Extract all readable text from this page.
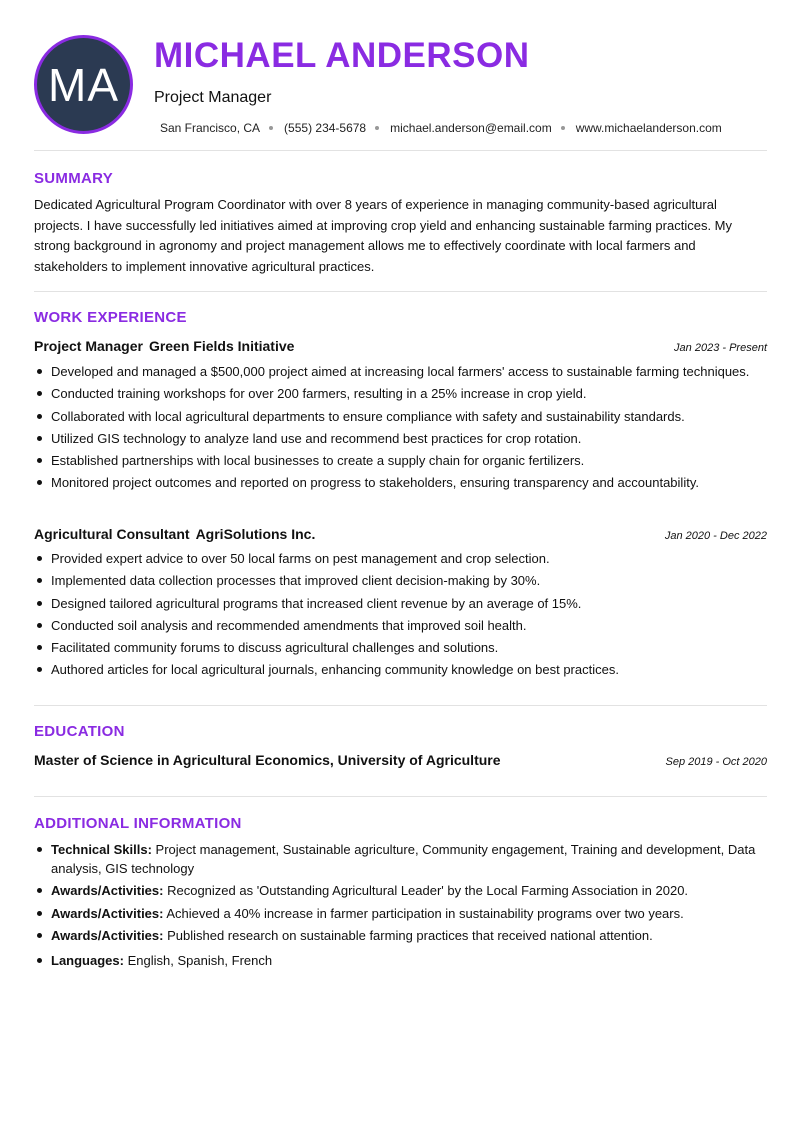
MA
MICHAEL ANDERSON
Project Manager
San Francisco, CA (555) 234-5678 michael.anderson@email.com www.michaelanderson.com
SUMMARY
Dedicated Agricultural Program Coordinator with over 8 years of experience in managing community-based agricultural projects. I have successfully led initiatives aimed at improving crop yield and enhancing sustainable farming practices. My strong background in agronomy and project management allows me to effectively coordinate with local farmers and stakeholders to implement innovative agricultural practices.
WORK EXPERIENCE
Project Manager Green Fields Initiative	Jan 2023 - Present
Developed and managed a $500,000 project aimed at increasing local farmers' access to sustainable farming techniques.
Conducted training workshops for over 200 farmers, resulting in a 25% increase in crop yield.
Collaborated with local agricultural departments to ensure compliance with safety and sustainability standards.
Utilized GIS technology to analyze land use and recommend best practices for crop rotation.
Established partnerships with local businesses to create a supply chain for organic fertilizers.
Monitored project outcomes and reported on progress to stakeholders, ensuring transparency and accountability.
Agricultural Consultant AgriSolutions Inc.	Jan 2020 - Dec 2022
Provided expert advice to over 50 local farms on pest management and crop selection.
Implemented data collection processes that improved client decision-making by 30%.
Designed tailored agricultural programs that increased client revenue by an average of 15%.
Conducted soil analysis and recommended amendments that improved soil health.
Facilitated community forums to discuss agricultural challenges and solutions.
Authored articles for local agricultural journals, enhancing community knowledge on best practices.
EDUCATION
Master of Science in Agricultural Economics, University of Agriculture	Sep 2019 - Oct 2020
ADDITIONAL INFORMATION
Technical Skills: Project management, Sustainable agriculture, Community engagement, Training and development, Data analysis, GIS technology
Awards/Activities: Recognized as 'Outstanding Agricultural Leader' by the Local Farming Association in 2020.
Awards/Activities: Achieved a 40% increase in farmer participation in sustainability programs over two years.
Awards/Activities: Published research on sustainable farming practices that received national attention.
Languages: English, Spanish, French
